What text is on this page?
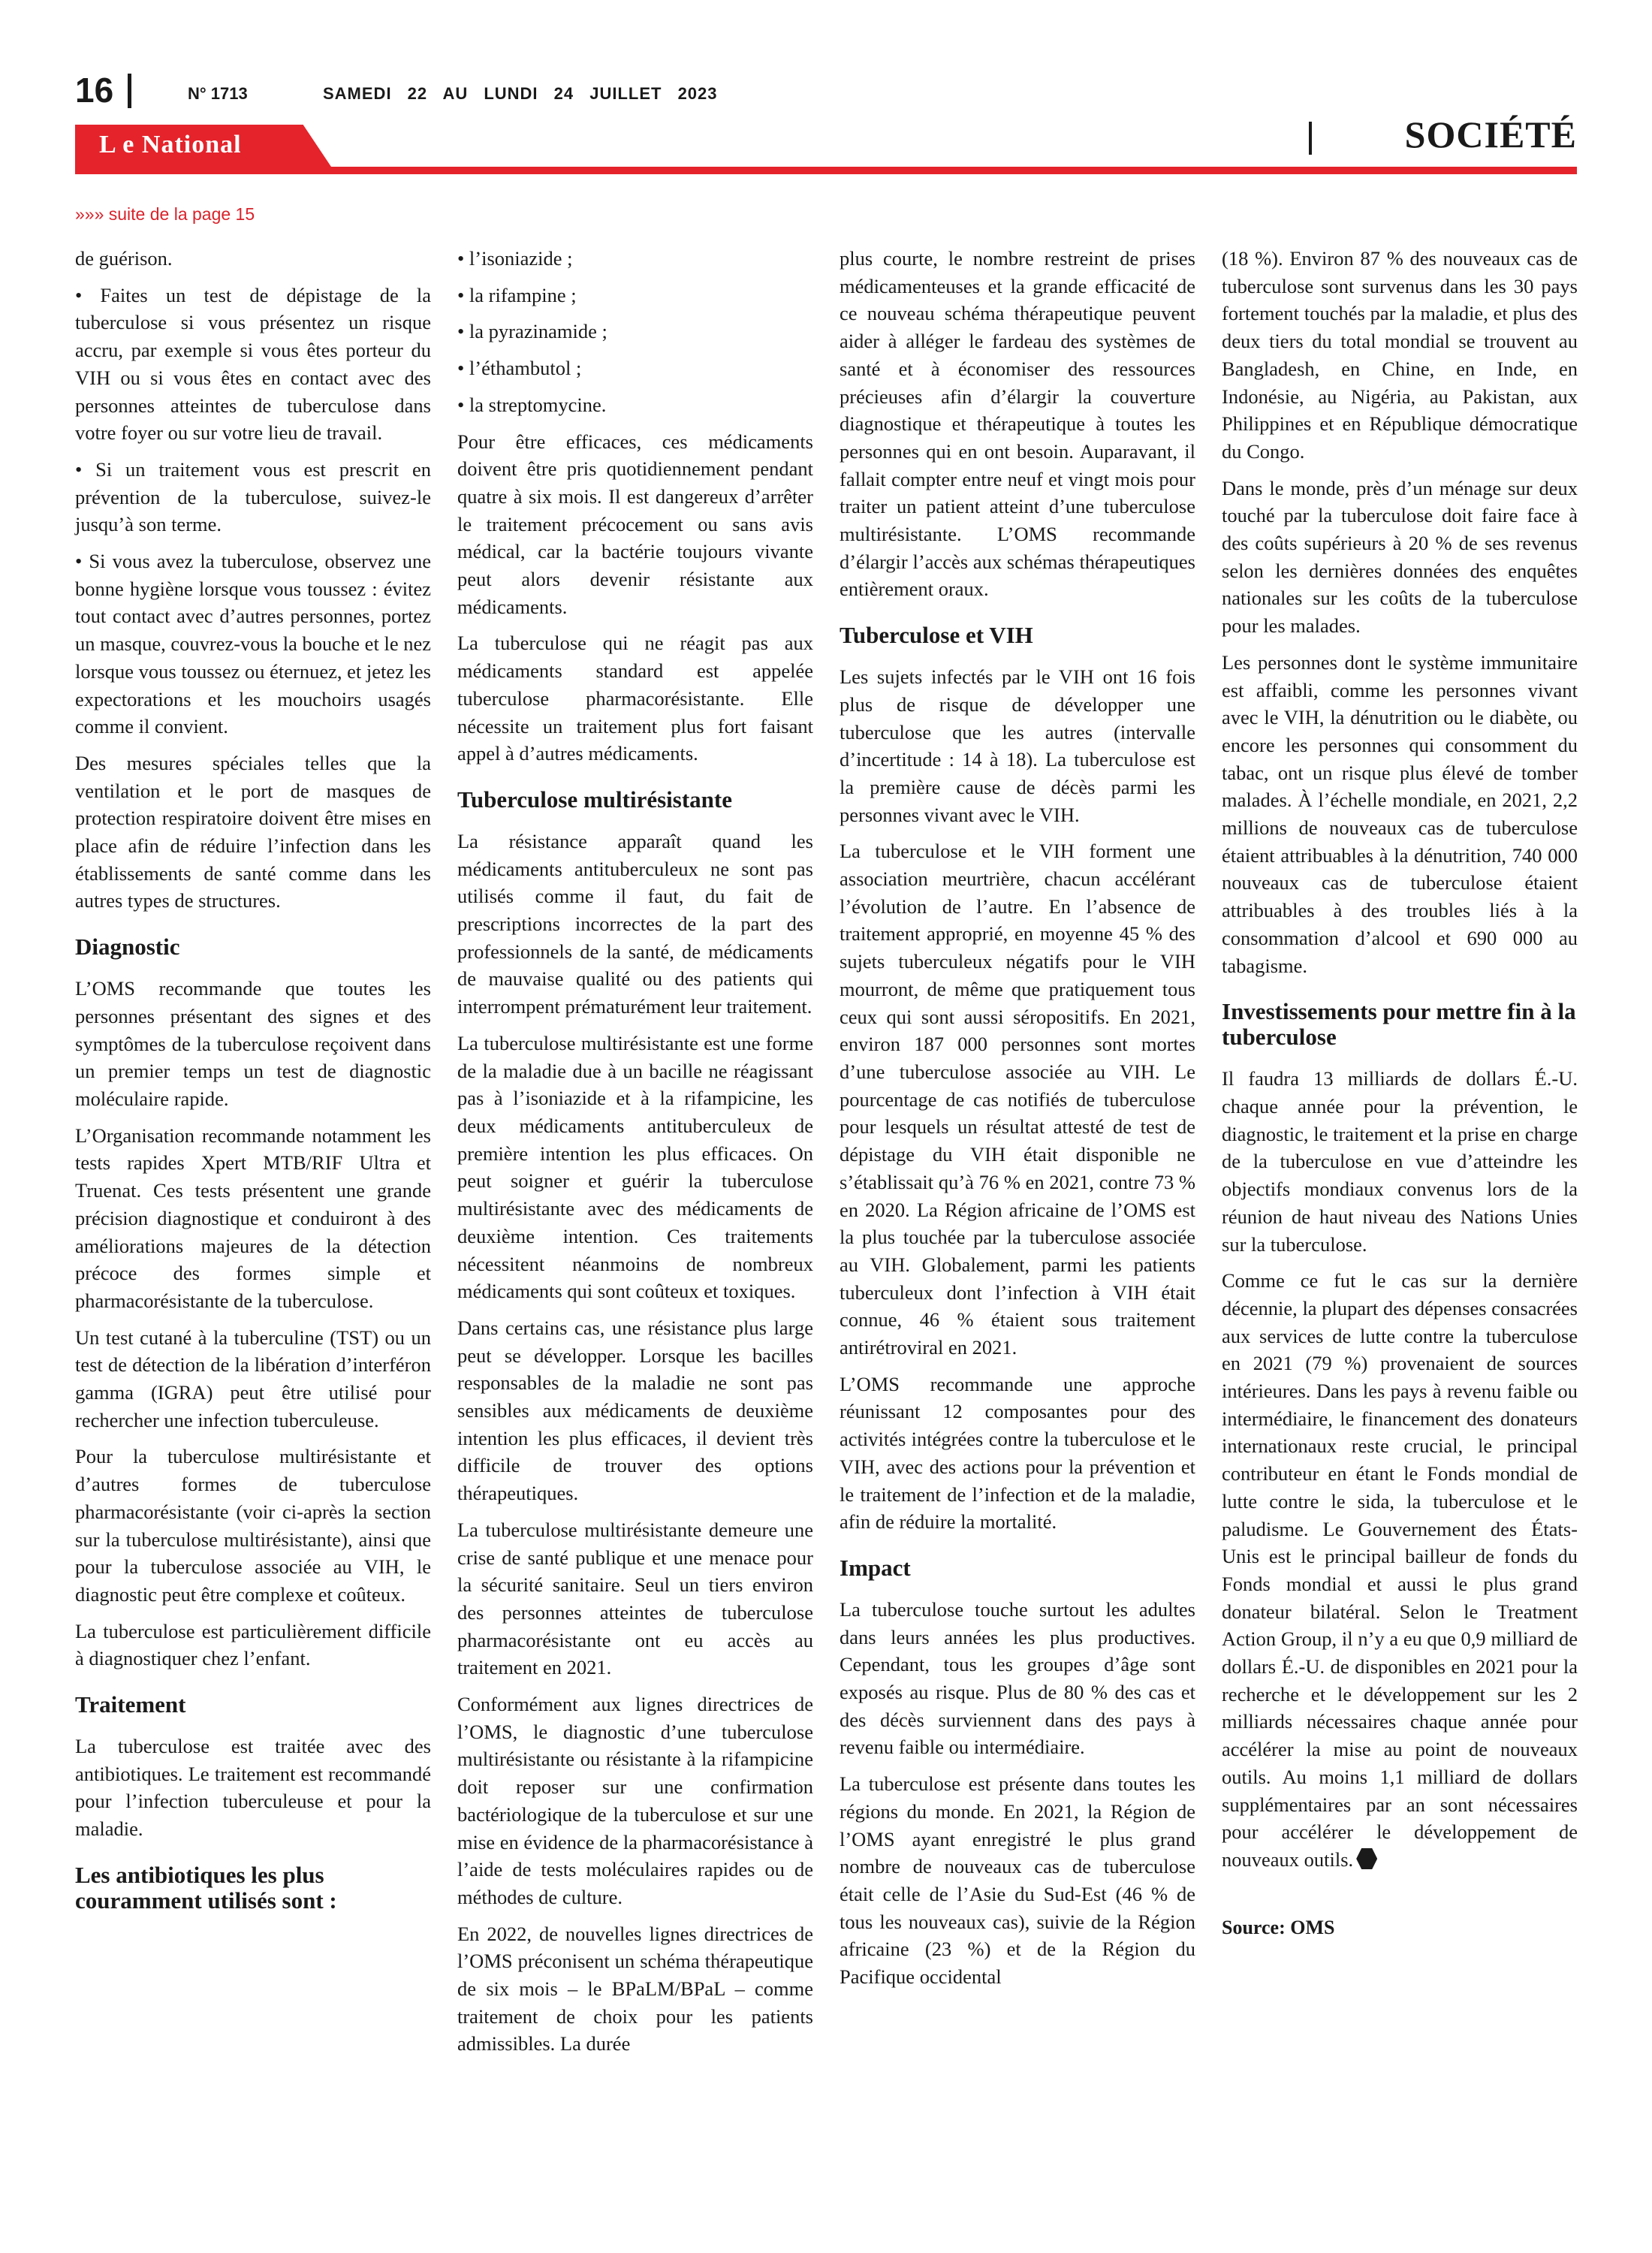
16	N° 1713	SAMEDI 22 AU LUNDI 24 JUILLET 2023
L e National	SOCIÉTÉ
»»» suite de la page 15

de guérison.

• Faites un test de dépistage de la tuberculose si vous présentez un risque accru, par exemple si vous êtes porteur du VIH ou si vous êtes en contact avec des personnes atteintes de tuberculose dans votre foyer ou sur votre lieu de travail.

• Si un traitement vous est prescrit en prévention de la tuberculose, suivez-le jusqu’à son terme.

• Si vous avez la tuberculose, observez une bonne hygiène lorsque vous toussez : évitez tout contact avec d’autres personnes, portez un masque, couvrez-vous la bouche et le nez lorsque vous toussez ou éternuez, et jetez les expectorations et les mouchoirs usagés comme il convient.

Des mesures spéciales telles que la ventilation et le port de masques de protection respiratoire doivent être mises en place afin de réduire l’infection dans les établissements de santé comme dans les autres types de structures.

Diagnostic

L’OMS recommande que toutes les personnes présentant des signes et des symptômes de la tuberculose reçoivent dans un premier temps un test de diagnostic moléculaire rapide.

L’Organisation recommande notamment les tests rapides Xpert MTB/RIF Ultra et Truenat. Ces tests présentent une grande précision diagnostique et conduiront à des améliorations majeures de la détection précoce des formes simple et pharmacorésistante de la tuberculose.

Un test cutané à la tuberculine (TST) ou un test de détection de la libération d’interféron gamma (IGRA) peut être utilisé pour rechercher une infection tuberculeuse.

Pour la tuberculose multirésistante et d’autres formes de tuberculose pharmacorésistante (voir ci-après la section sur la tuberculose multirésistante), ainsi que pour la tuberculose associée au VIH, le diagnostic peut être complexe et coûteux.

La tuberculose est particulièrement difficile à diagnostiquer chez l’enfant.

Traitement

La tuberculose est traitée avec des antibiotiques. Le traitement est recommandé pour l’infection tuberculeuse et pour la maladie.

Les antibiotiques les plus couramment utilisés sont :

• l’isoniazide ;

• la rifampine ;

• la pyrazinamide ;

• l’éthambutol ;

• la streptomycine.

Pour être efficaces, ces médicaments doivent être pris quotidiennement pendant quatre à six mois. Il est dangereux d’arrêter le traitement précocement ou sans avis médical, car la bactérie toujours vivante peut alors devenir résistante aux médicaments.

La tuberculose qui ne réagit pas aux médicaments standard est appelée tuberculose pharmacorésistante. Elle nécessite un traitement plus fort faisant appel à d’autres médicaments.

Tuberculose multirésistante

La résistance apparaît quand les médicaments antituberculeux ne sont pas utilisés comme il faut, du fait de prescriptions incorrectes de la part des professionnels de la santé, de médicaments de mauvaise qualité ou des patients qui interrompent prématurément leur traitement.

La tuberculose multirésistante est une forme de la maladie due à un bacille ne réagissant pas à l’isoniazide et à la rifampicine, les deux médicaments antituberculeux de première intention les plus efficaces. On peut soigner et guérir la tuberculose multirésistante avec des médicaments de deuxième intention. Ces traitements nécessitent néanmoins de nombreux médicaments qui sont coûteux et toxiques.

Dans certains cas, une résistance plus large peut se développer. Lorsque les bacilles responsables de la maladie ne sont pas sensibles aux médicaments de deuxième intention les plus efficaces, il devient très difficile de trouver des options thérapeutiques.

La tuberculose multirésistante demeure une crise de santé publique et une menace pour la sécurité sanitaire. Seul un tiers environ des personnes atteintes de tuberculose pharmacorésistante ont eu accès au traitement en 2021.

Conformément aux lignes directrices de l’OMS, le diagnostic d’une tuberculose multirésistante ou résistante à la rifampicine doit reposer sur une confirmation bactériologique de la tuberculose et sur une mise en évidence de la pharmacorésistance à l’aide de tests moléculaires rapides ou de méthodes de culture.

En 2022, de nouvelles lignes directrices de l’OMS préconisent un schéma thérapeutique de six mois – le BPaLM/BPaL – comme traitement de choix pour les patients admissibles. La durée

plus courte, le nombre restreint de prises médicamenteuses et la grande efficacité de ce nouveau schéma thérapeutique peuvent aider à alléger le fardeau des systèmes de santé et à économiser des ressources précieuses afin d’élargir la couverture diagnostique et thérapeutique à toutes les personnes qui en ont besoin. Auparavant, il fallait compter entre neuf et vingt mois pour traiter un patient atteint d’une tuberculose multirésistante. L’OMS recommande d’élargir l’accès aux schémas thérapeutiques entièrement oraux.

Tuberculose et VIH

Les sujets infectés par le VIH ont 16 fois plus de risque de développer une tuberculose que les autres (intervalle d’incertitude : 14 à 18). La tuberculose est la première cause de décès parmi les personnes vivant avec le VIH.

La tuberculose et le VIH forment une association meurtrière, chacun accélérant l’évolution de l’autre. En l’absence de traitement approprié, en moyenne 45 % des sujets tuberculeux négatifs pour le VIH mourront, de même que pratiquement tous ceux qui sont aussi séropositifs. En 2021, environ 187 000 personnes sont mortes d’une tuberculose associée au VIH. Le pourcentage de cas notifiés de tuberculose pour lesquels un résultat attesté de test de dépistage du VIH était disponible ne s’établissait qu’à 76 % en 2021, contre 73 % en 2020. La Région africaine de l’OMS est la plus touchée par la tuberculose associée au VIH. Globalement, parmi les patients tuberculeux dont l’infection à VIH était connue, 46 % étaient sous traitement antirétroviral en 2021.

L’OMS recommande une approche réunissant 12 composantes pour des activités intégrées contre la tuberculose et le VIH, avec des actions pour la prévention et le traitement de l’infection et de la maladie, afin de réduire la mortalité.

Impact

La tuberculose touche surtout les adultes dans leurs années les plus productives. Cependant, tous les groupes d’âge sont exposés au risque. Plus de 80 % des cas et des décès surviennent dans des pays à revenu faible ou intermédiaire.

La tuberculose est présente dans toutes les régions du monde. En 2021, la Région de l’OMS ayant enregistré le plus grand nombre de nouveaux cas de tuberculose était celle de l’Asie du Sud-Est (46 % de tous les nouveaux cas), suivie de la Région africaine (23 %) et de la Région du Pacifique occidental

(18 %). Environ 87 % des nouveaux cas de tuberculose sont survenus dans les 30 pays fortement touchés par la maladie, et plus des deux tiers du total mondial se trouvent au Bangladesh, en Chine, en Inde, en Indonésie, au Nigéria, au Pakistan, aux Philippines et en République démocratique du Congo.

Dans le monde, près d’un ménage sur deux touché par la tuberculose doit faire face à des coûts supérieurs à 20 % de ses revenus selon les dernières données des enquêtes nationales sur les coûts de la tuberculose pour les malades.

Les personnes dont le système immunitaire est affaibli, comme les personnes vivant avec le VIH, la dénutrition ou le diabète, ou encore les personnes qui consomment du tabac, ont un risque plus élevé de tomber malades. À l’échelle mondiale, en 2021, 2,2 millions de nouveaux cas de tuberculose étaient attribuables à la dénutrition, 740 000 nouveaux cas de tuberculose étaient attribuables à des troubles liés à la consommation d’alcool et 690 000 au tabagisme.

Investissements pour mettre fin à la tuberculose

Il faudra 13 milliards de dollars É.-U. chaque année pour la prévention, le diagnostic, le traitement et la prise en charge de la tuberculose en vue d’atteindre les objectifs mondiaux convenus lors de la réunion de haut niveau des Nations Unies sur la tuberculose.

Comme ce fut le cas sur la dernière décennie, la plupart des dépenses consacrées aux services de lutte contre la tuberculose en 2021 (79 %) provenaient de sources intérieures. Dans les pays à revenu faible ou intermédiaire, le financement des donateurs internationaux reste crucial, le principal contributeur en étant le Fonds mondial de lutte contre le sida, la tuberculose et le paludisme. Le Gouvernement des États-Unis est le principal bailleur de fonds du Fonds mondial et aussi le plus grand donateur bilatéral. Selon le Treatment Action Group, il n’y a eu que 0,9 milliard de dollars É.-U. de disponibles en 2021 pour la recherche et le développement sur les 2 milliards nécessaires chaque année pour accélérer la mise au point de nouveaux outils. Au moins 1,1 milliard de dollars supplémentaires par an sont nécessaires pour accélérer le développement de nouveaux outils.

Source: OMS
